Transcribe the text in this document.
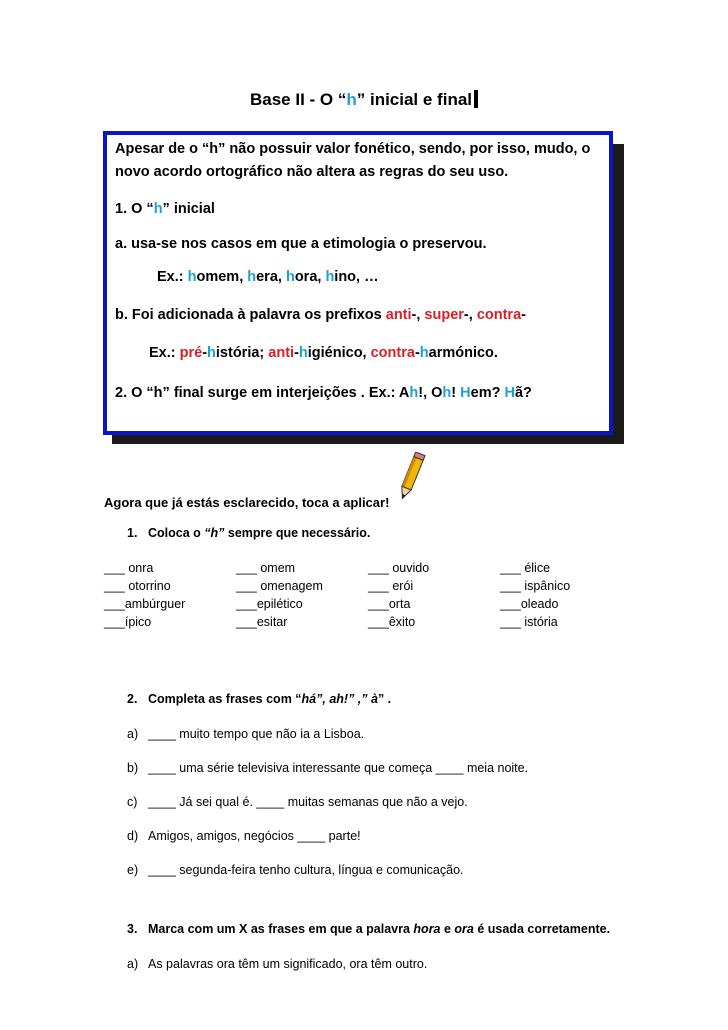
Base II - O “h” inicial e final
Apesar de o “h” não possuir valor fonético, sendo, por isso, mudo, o
novo acordo ortográfico não altera as regras do seu uso.
1. O “h” inicial
a. usa-se nos casos em que a etimologia o preservou.
Ex.: homem, hera, hora, hino, …
b. Foi adicionada à palavra os prefixos anti-, super-, contra-
Ex.: pré-história; anti-higiénico, contra-harmónico.
2. O “h” final surge em interjeições . Ex.: Ah!, Oh! Hem? Hã?
Agora que já estás esclarecido, toca a aplicar!
1. Coloca o “h” sempre que necessário.
___ onra	___ omem	___ ouvido	___ élice
___ otorrino	___ omenagem	___ erói	___ ispânico
___ambúrguer	___epilético	___orta	___oleado
___ípico	___esitar	___êxito	___ istória
2. Completa as frases com “há”, ah!” ,” à” .
a) ____ muito tempo que não ia a Lisboa.
b) ____ uma série televisiva interessante que começa ____ meia noite.
c) ____ Já sei qual é. ____ muitas semanas que não a vejo.
d) Amigos, amigos, negócios ____ parte!
e) ____ segunda-feira tenho cultura, língua e comunicação.
3. Marca com um X as frases em que a palavra hora e ora é usada corretamente.
a) As palavras ora têm um significado, ora têm outro.
